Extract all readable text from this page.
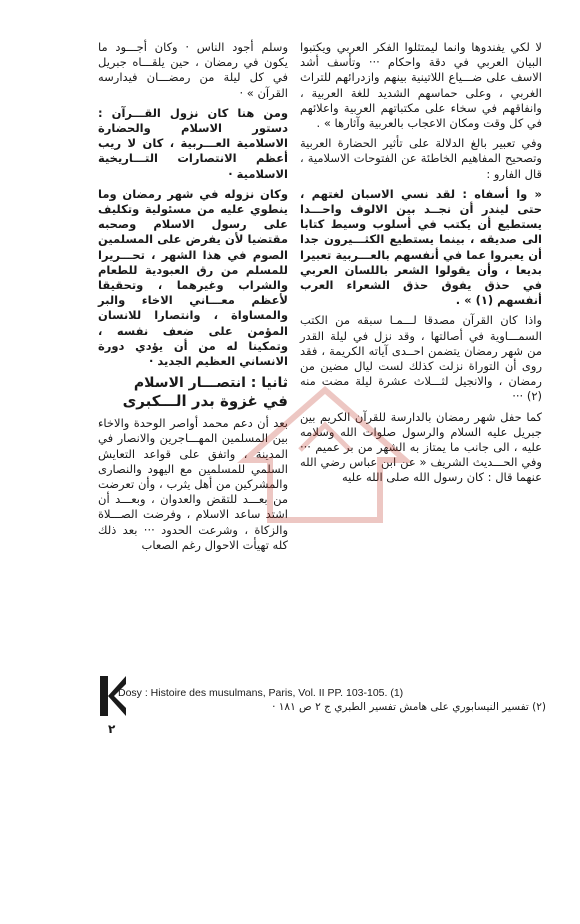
لا لكي يفندوها وانما ليمتثلوا الفكر العربي ويكتبوا البيان العربي في دقة واحكام ··· وتأسف أشد الاسف على ضـــياع اللاتينية بينهم وازدرائهم للتراث الغربي ، وعلى حماسهم الشديد للغة العربية ، وانفاقهم في سخاء على مكتباتهم العربية واعلائهم في كل وقت ومكان الاعجاب بالعربية وآثارها » .

وفي تعبير بالغ الدلالة على تأثير الحضارة العربية وتصحيح المفاهيم الخاطئة عن الفتوحات الاسلامية ، قال الفارو :

« وا أسفاه : لقد نسي الاسبان لغتهم ، حتى ليندر أن نجــد بين الالوف واحـــدا يستطيع أن يكتب في أسلوب وسيط كتابا الى صديقه ، بينما يستطيع الكثـــيرون جدا أن يعبروا عما في أنفسهم بالعـــربية تعبيرا بديعا ، وأن يقولوا الشعر باللسان العربي في حذق يفوق حذق الشعراء العرب أنفسهم (١) » .

واذا كان القرآن مصدقا لـــمـا سبقه من الكتب السمـــاوية في أصالتها ، وقد نزل في ليلة القدر من شهر رمضان يتضمن احــدى آياته الكريمة ، فقد روى أن التوراة نزلت كذلك لست ليال مضين من رمضان ، والانجيل لثـــلاث عشرة ليلة مضت منه (٢) ···

كما حفل شهر رمضان بالدارسة للقرآن الكريم بين جبريل عليه السلام والرسول صلوات الله وسلامه عليه ، الى جانب ما يمتاز به الشهر من بر عميم ··· وفي الحـــديث الشريف « عن ابن عباس رضي الله عنهما قال : كان رسول الله صلى الله عليه

وسلم أجود الناس · وكان أجـــود ما يكون في رمضان ، حين يلقـــاه جبريل في كل ليلة من رمضـــان فيدارسه القرآن » ·

ومن هنا كان نزول القـــرآن : دستور الاسلام والحضارة الاسلامية العـــربية ، كان لا ريب أعظم الانتصارات التـــاريخية الاسلامية ·

وكان نزوله في شهر رمضان وما ينطوي عليه من مسئولية وتكليف على رسول الاسلام وصحبه مقتضيا لأن يفرض على المسلمين الصوم في هذا الشهر ، تحـــريرا للمسلم من رق العبودية للطعام والشراب وغيرهما ، وتحقيقا لأعظم معـــاني الاخاء والبر والمساواة ، وانتصارا للانسان المؤمن على ضعف نفسه ، وتمكينا له من أن يؤدي دورة الانساني العظيم الجديد ·

ثانيا : انتصـــار الاسلام
في غزوة بدر الـــكبرى

بعد أن دعم محمد أواصر الوحدة والاخاء بين المسلمين المهـــاجرين والانصار في المدينة ، واتفق على قواعد التعايش السلمي للمسلمين مع اليهود والنصارى والمشركين من أهل يثرب ، وأن تعرضت من بعـــد للتقض والعدوان ، وبعـــد أن اشتد ساعد الاسلام ، وفرضت الصـــلاة والزكاة ، وشرعت الحدود ··· بعد ذلك كله تهيأت الاحوال رغم الصعاب

Dosy : Histoire des musulmans, Paris, Vol. II PP. 103-105. (1)
(٢) تفسير النيسابوري على هامش تفسير الطبري ج ٢ ص ١٨١ ·
٢
